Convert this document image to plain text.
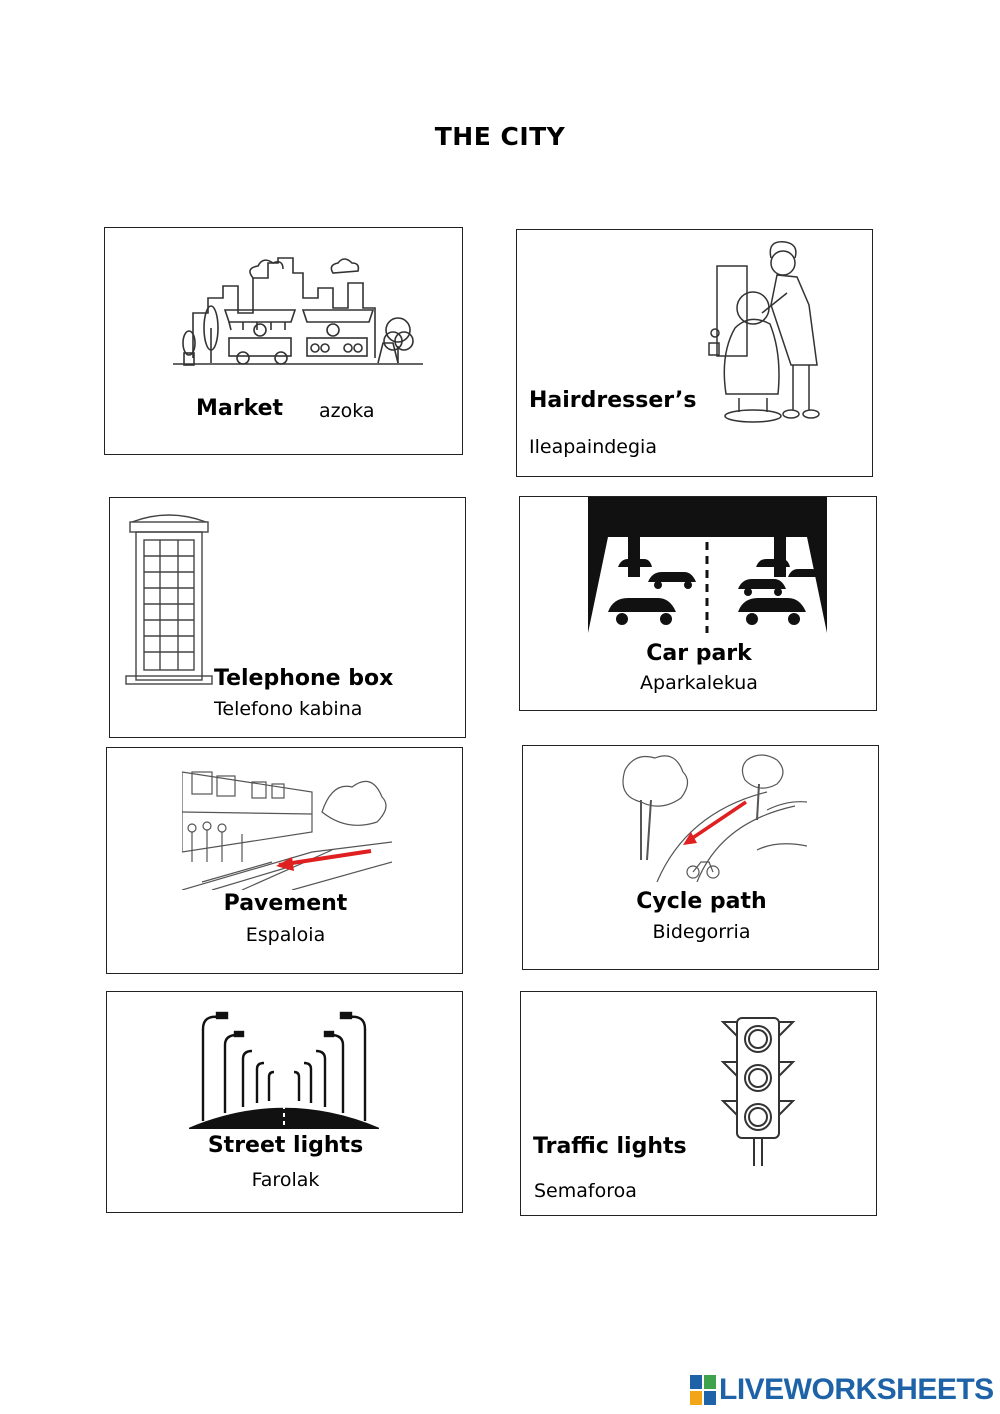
THE CITY
Market azoka	Hairdresser’s
Ileapaindegia
Telephone box
Telefono kabina
Car park
Aparkalekua
Pavement
Espaloia
Cycle path
Bidegorria
Street lights
Farolak
Traffic lights
Semaforoa
LIVEWORKSHEETS
